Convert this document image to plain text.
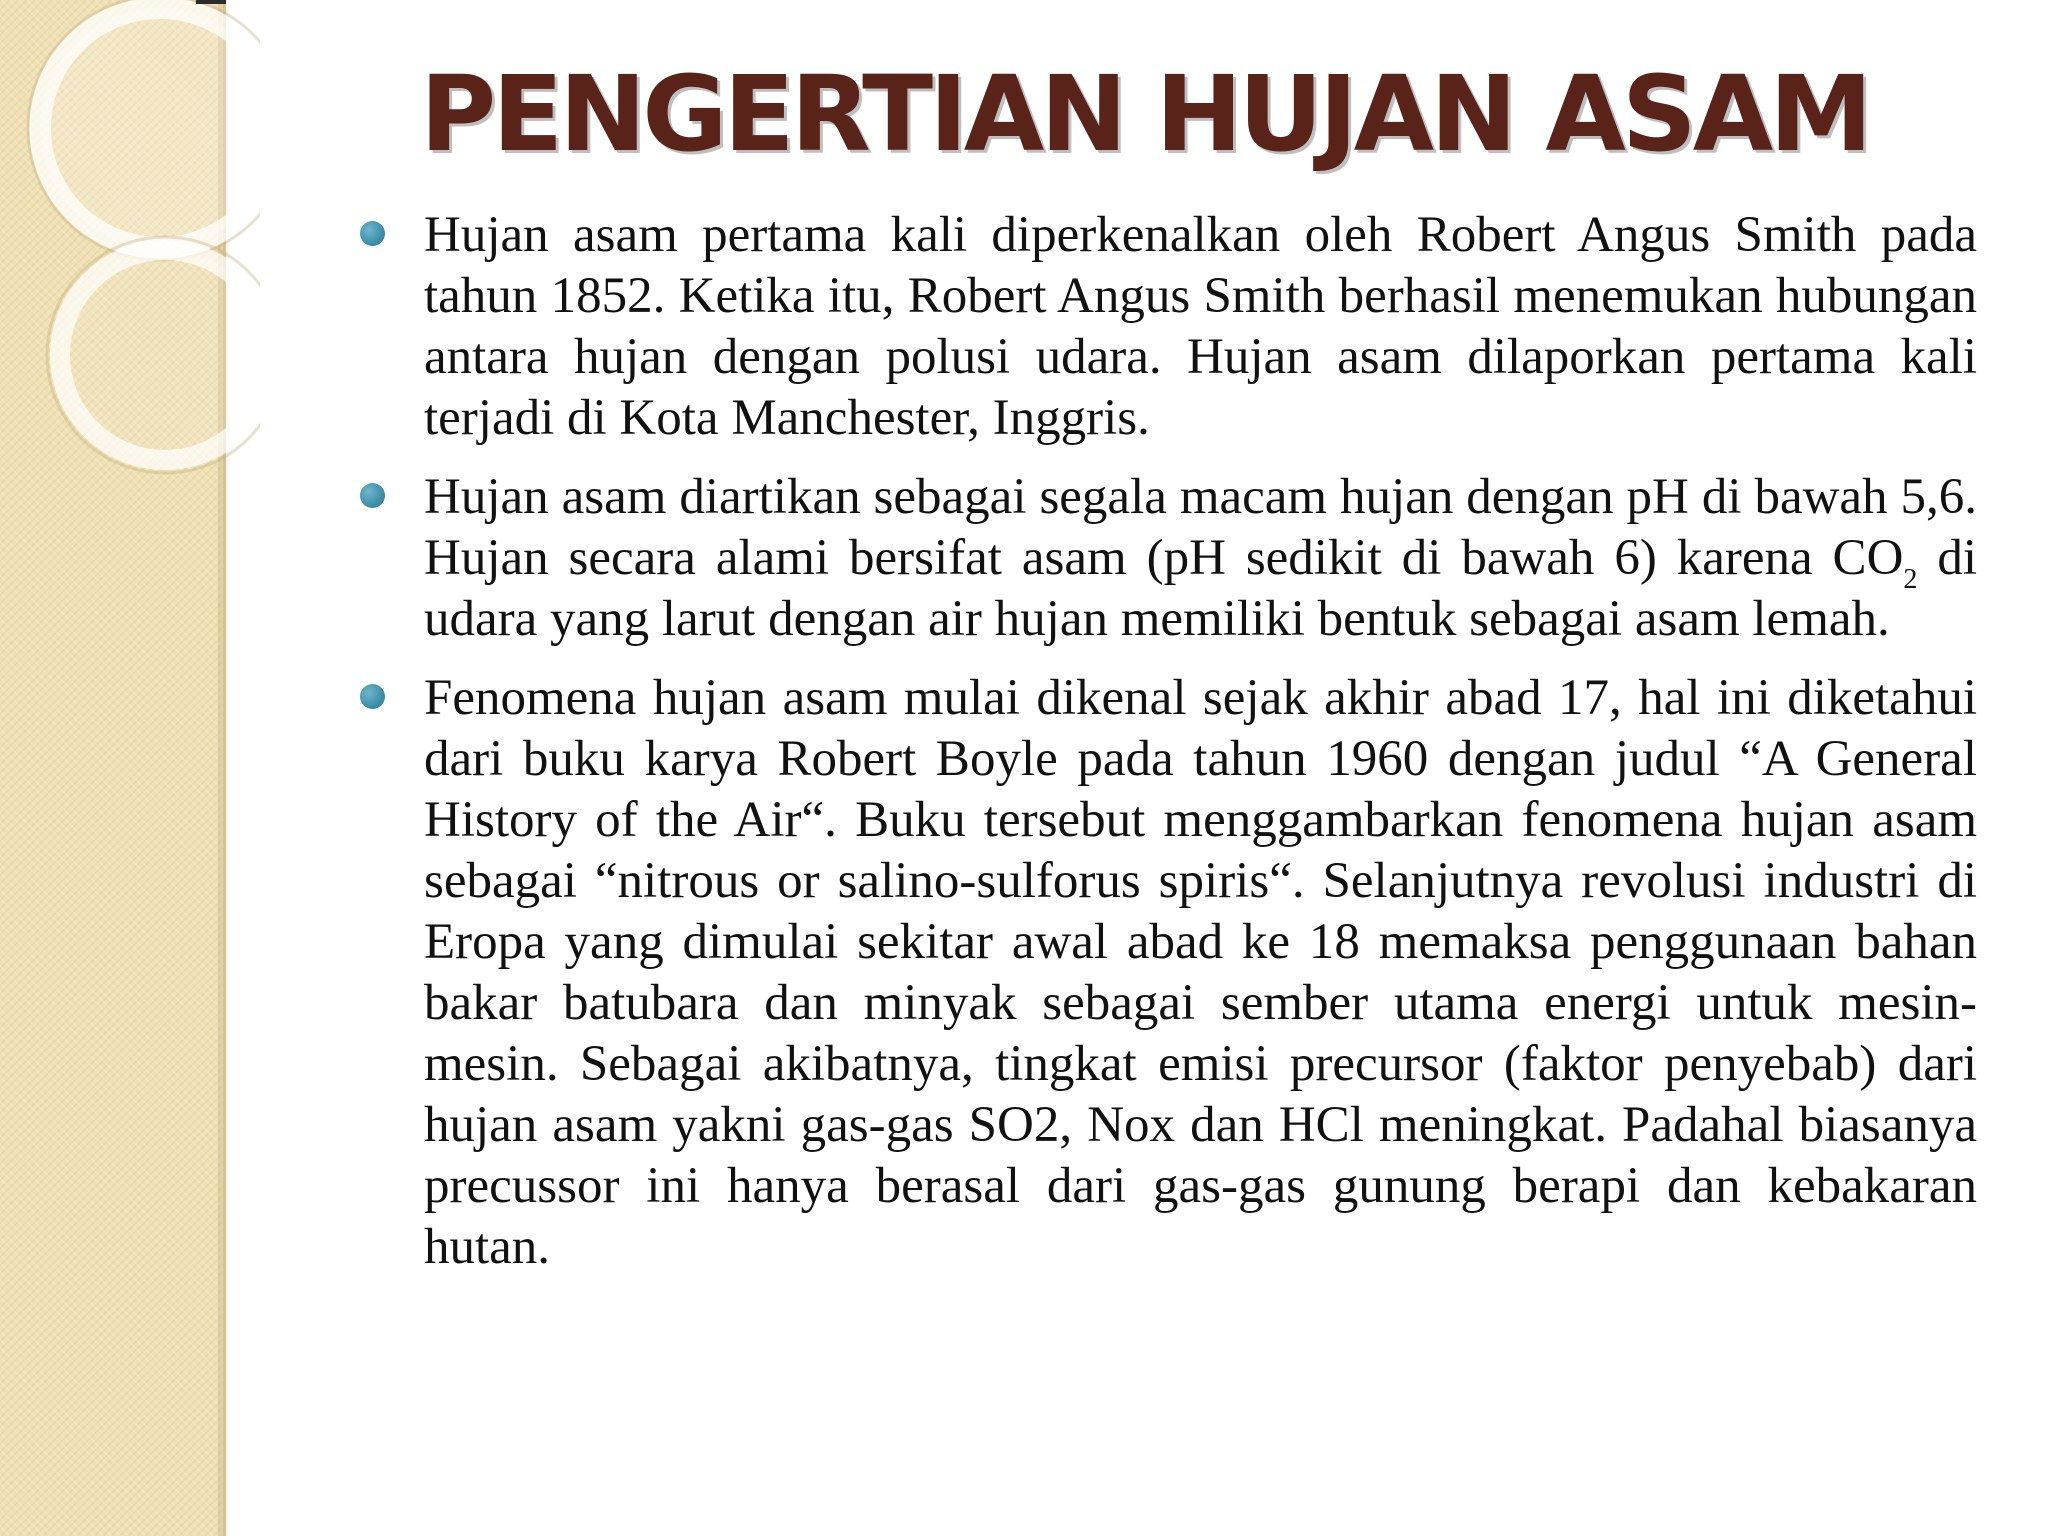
PENGERTIAN HUJAN ASAM

Hujan asam pertama kali diperkenalkan oleh Robert Angus Smith pada tahun 1852. Ketika itu, Robert Angus Smith berhasil menemukan hubungan antara hujan dengan polusi udara. Hujan asam dilaporkan pertama kali terjadi di Kota Manchester, Inggris.

Hujan asam diartikan sebagai segala macam hujan dengan pH di bawah 5,6. Hujan secara alami bersifat asam (pH sedikit di bawah 6) karena $CO_2$ di udara yang larut dengan air hujan memiliki bentuk sebagai asam lemah.

Fenomena hujan asam mulai dikenal sejak akhir abad 17, hal ini diketahui dari buku karya Robert Boyle pada tahun 1960 dengan judul “A General History of the Air“. Buku tersebut menggambarkan fenomena hujan asam sebagai “nitrous or salino-sulforus spiris“. Selanjutnya revolusi industri di Eropa yang dimulai sekitar awal abad ke 18 memaksa penggunaan bahan bakar batubara dan minyak sebagai sember utama energi untuk mesin-mesin. Sebagai akibatnya, tingkat emisi precursor (faktor penyebab) dari hujan asam yakni gas-gas SO2, Nox dan HCl meningkat. Padahal biasanya precussor ini hanya berasal dari gas-gas gunung berapi dan kebakaran hutan.
